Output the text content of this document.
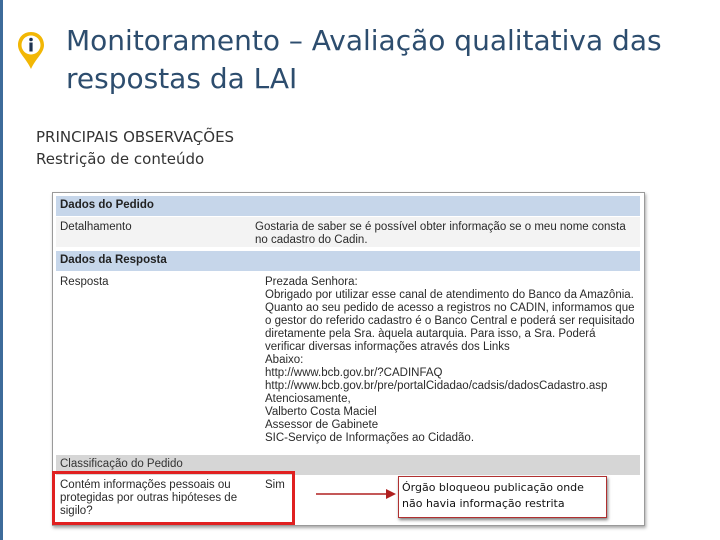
Monitoramento – Avaliação qualitativa das
respostas da LAI
PRINCIPAIS OBSERVAÇÕES
Restrição de conteúdo
Dados do Pedido
Detalhamento	Gostaria de saber se é possível obter informação se o meu nome consta
no cadastro do Cadin.
Dados da Resposta
Resposta	Prezada Senhora:
Obrigado por utilizar esse canal de atendimento do Banco da Amazônia.
Quanto ao seu pedido de acesso a registros no CADIN, informamos que
o gestor do referido cadastro é o Banco Central e poderá ser requisitado
diretamente pela Sra. àquela autarquia. Para isso, a Sra. Poderá
verificar diversas informações através dos Links
Abaixo:
http://www.bcb.gov.br/?CADINFAQ
http://www.bcb.gov.br/pre/portalCidadao/cadsis/dadosCadastro.asp
Atenciosamente,
Valberto Costa Maciel
Assessor de Gabinete
SIC-Serviço de Informações ao Cidadão.
Classificação do Pedido
Contém informações pessoais ou
protegidas por outras hipóteses de
sigilo?
Sim	Órgão bloqueou publicação onde
não havia informação restrita
